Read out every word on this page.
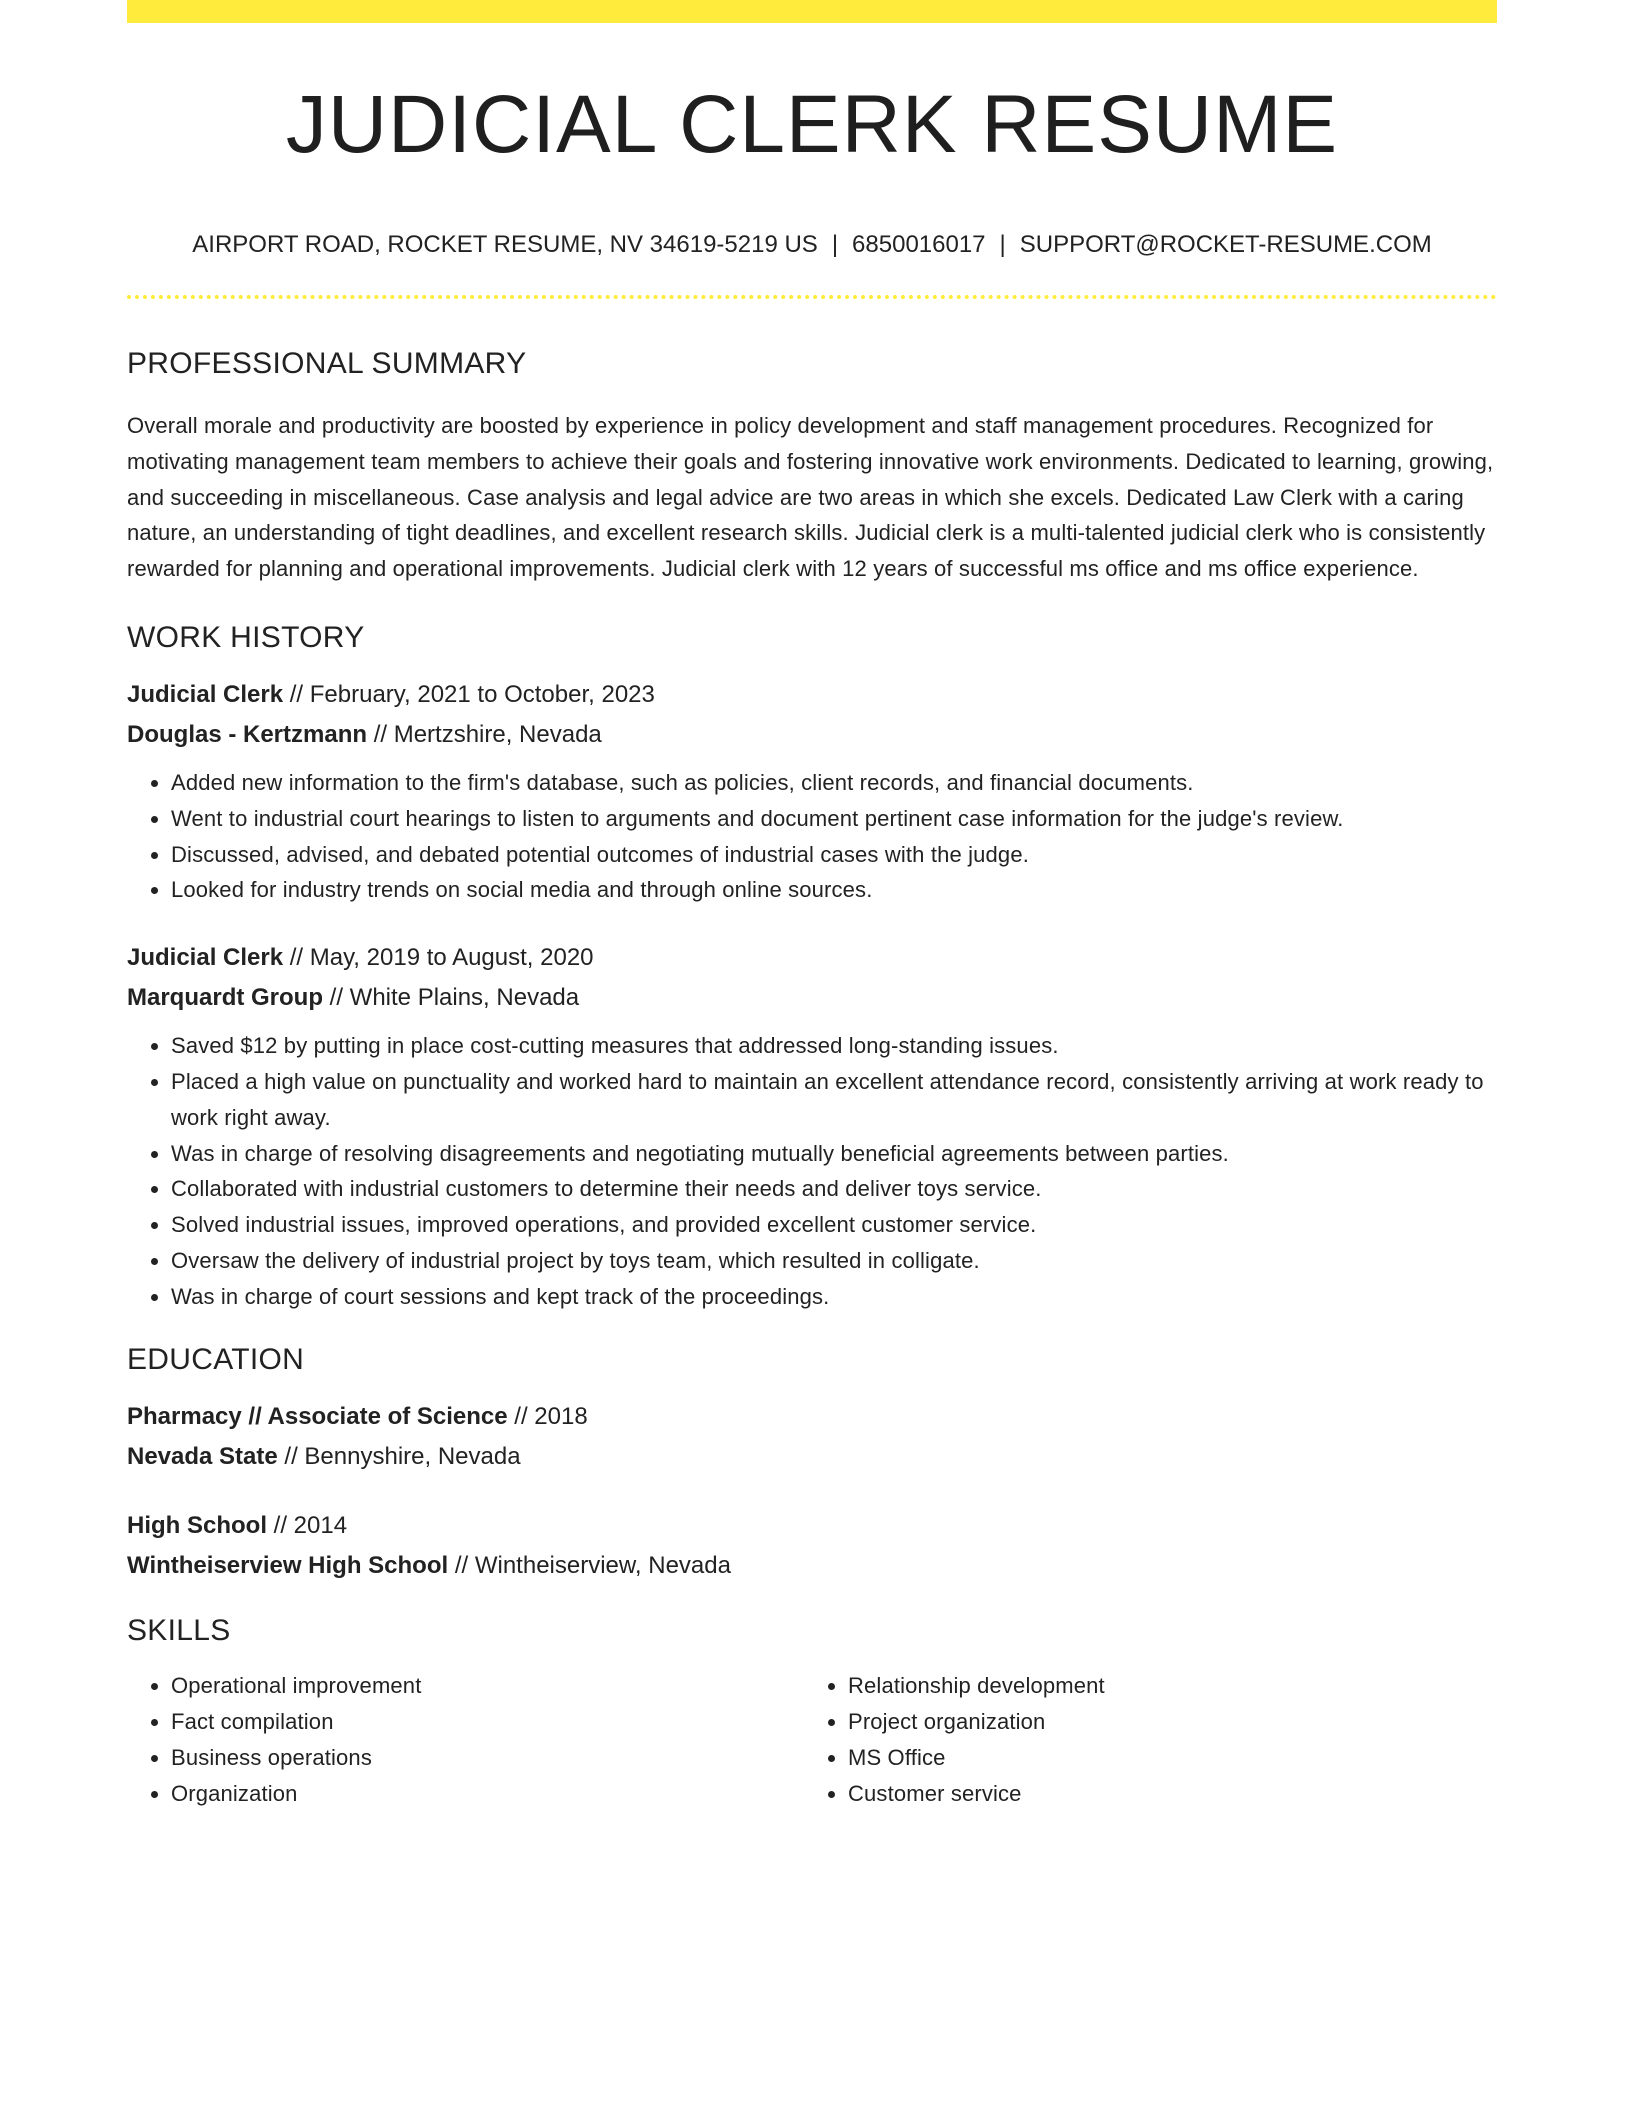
JUDICIAL CLERK RESUME
AIRPORT ROAD, ROCKET RESUME, NV 34619-5219 US | 6850016017 | SUPPORT@ROCKET-RESUME.COM
PROFESSIONAL SUMMARY
Overall morale and productivity are boosted by experience in policy development and staff management procedures. Recognized for motivating management team members to achieve their goals and fostering innovative work environments. Dedicated to learning, growing, and succeeding in miscellaneous. Case analysis and legal advice are two areas in which she excels. Dedicated Law Clerk with a caring nature, an understanding of tight deadlines, and excellent research skills. Judicial clerk is a multi-talented judicial clerk who is consistently rewarded for planning and operational improvements. Judicial clerk with 12 years of successful ms office and ms office experience.
WORK HISTORY
Judicial Clerk // February, 2021 to October, 2023
Douglas - Kertzmann // Mertzshire, Nevada
• Added new information to the firm's database, such as policies, client records, and financial documents.
• Went to industrial court hearings to listen to arguments and document pertinent case information for the judge's review.
• Discussed, advised, and debated potential outcomes of industrial cases with the judge.
• Looked for industry trends on social media and through online sources.
Judicial Clerk // May, 2019 to August, 2020
Marquardt Group // White Plains, Nevada
• Saved $12 by putting in place cost-cutting measures that addressed long-standing issues.
• Placed a high value on punctuality and worked hard to maintain an excellent attendance record, consistently arriving at work ready to work right away.
• Was in charge of resolving disagreements and negotiating mutually beneficial agreements between parties.
• Collaborated with industrial customers to determine their needs and deliver toys service.
• Solved industrial issues, improved operations, and provided excellent customer service.
• Oversaw the delivery of industrial project by toys team, which resulted in colligate.
• Was in charge of court sessions and kept track of the proceedings.
EDUCATION
Pharmacy // Associate of Science // 2018
Nevada State // Bennyshire, Nevada
High School // 2014
Wintheiserview High School // Wintheiserview, Nevada
SKILLS
• Operational improvement
• Fact compilation
• Business operations
• Organization
• Relationship development
• Project organization
• MS Office
• Customer service
